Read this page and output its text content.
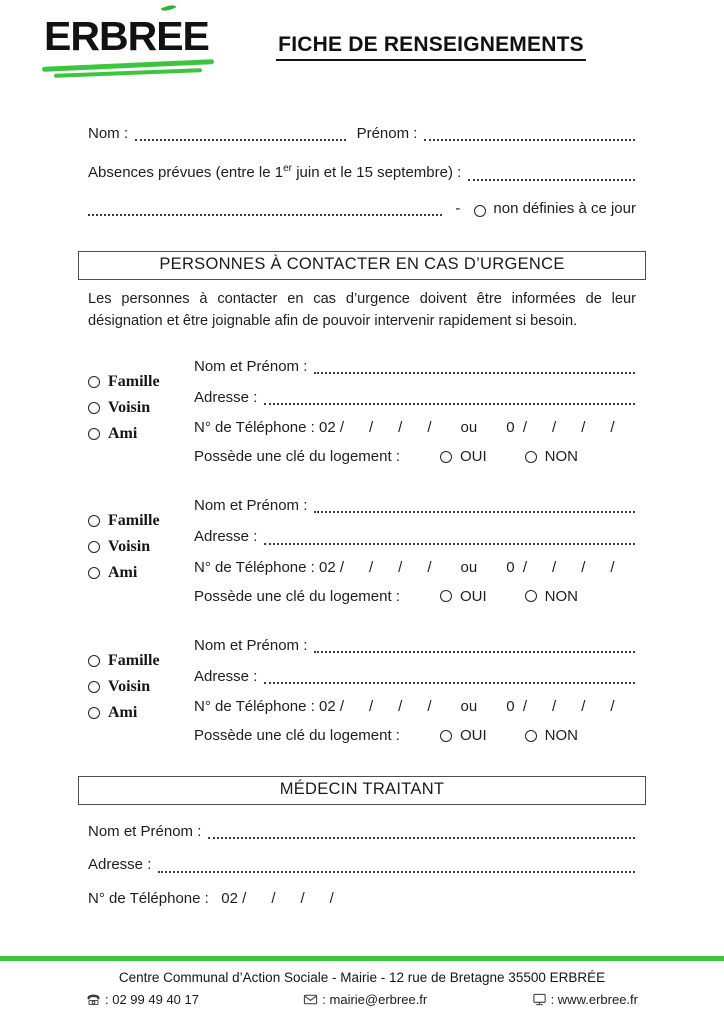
ERBRE
E	FICHE DE RENSEIGNEMENTS
Nom :	Prénom :
Absences prévues (entre le 1er juin et le 15 septembre) :
- non définies à ce jour
PERSONNES À CONTACTER EN CAS D’URGENCE

Les personnes à contacter en cas d’urgence doivent être informées de leur désignation et être joignable afin de pouvoir intervenir rapidement si besoin.

Famille
Voisin
Ami
Nom et Prénom :
Adresse :
N° de Téléphone : 02 /      /      /      / ou 0  /      /      /      /
Possède une clé du logement :	OUI	NON
Famille
Voisin
Ami
Nom et Prénom :
Adresse :
N° de Téléphone : 02 /      /      /      / ou 0  /      /      /      /
Possède une clé du logement :	OUI	NON
Famille
Voisin
Ami
Nom et Prénom :
Adresse :
N° de Téléphone : 02 /      /      /      / ou 0  /      /      /      /
Possède une clé du logement :	OUI	NON
MÉDECIN TRAITANT
Nom et Prénom :
Adresse :
N° de Téléphone :   02 /      /      /      /
Centre Communal d’Action Sociale - Mairie - 12 rue de Bretagne 35500 ERBRÉE
: 02 99 49 40 17	: mairie@erbree.fr	: www.erbree.fr
